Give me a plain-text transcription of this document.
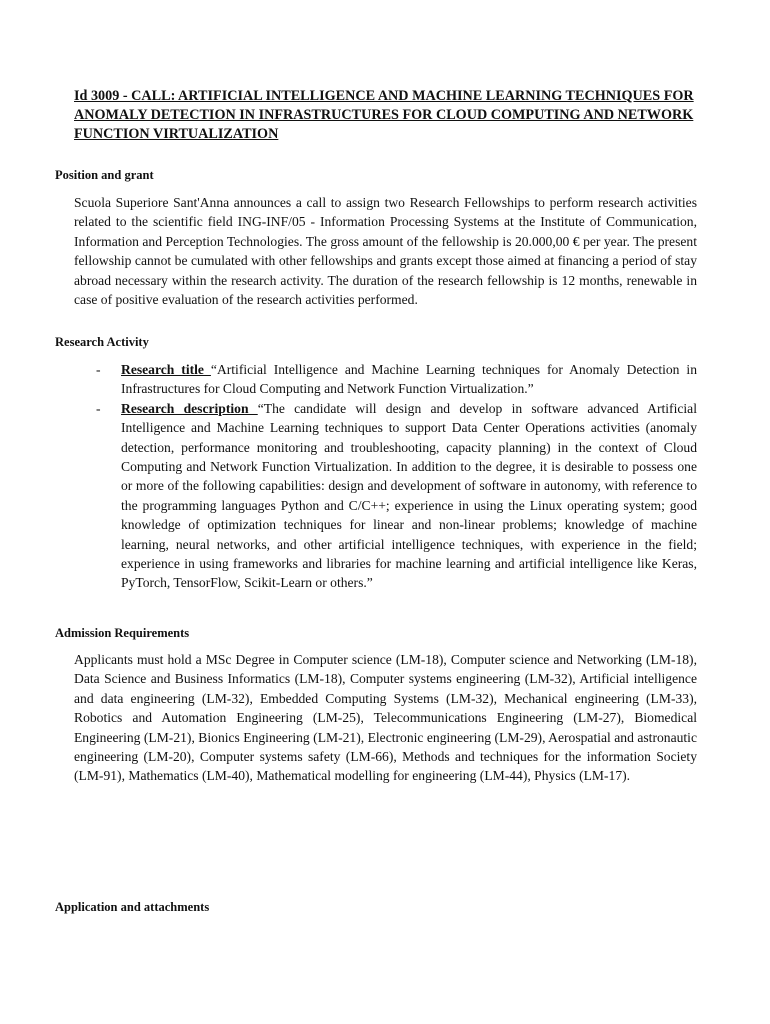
Id 3009 - CALL: ARTIFICIAL INTELLIGENCE AND MACHINE LEARNING TECHNIQUES FOR ANOMALY DETECTION IN INFRASTRUCTURES FOR CLOUD COMPUTING AND NETWORK FUNCTION VIRTUALIZATION
Position and grant

Scuola Superiore Sant'Anna announces a call to assign two Research Fellowships to perform research activities related to the scientific field ING-INF/05 - Information Processing Systems at the Institute of Communication, Information and Perception Technologies. The gross amount of the fellowship is 20.000,00 € per year. The present fellowship cannot be cumulated with other fellowships and grants except those aimed at financing a period of stay abroad necessary within the research activity. The duration of the research fellowship is 12 months, renewable in case of positive evaluation of the research activities performed.

Research Activity
- Research title “Artificial Intelligence and Machine Learning techniques for Anomaly Detection in Infrastructures for Cloud Computing and Network Function Virtualization.”
- Research description “The candidate will design and develop in software advanced Artificial Intelligence and Machine Learning techniques to support Data Center Operations activities (anomaly detection, performance monitoring and troubleshooting, capacity planning) in the context of Cloud Computing and Network Function Virtualization. In addition to the degree, it is desirable to possess one or more of the following capabilities: design and development of software in autonomy, with reference to the programming languages Python and C/C++; experience in using the Linux operating system; good knowledge of optimization techniques for linear and non-linear problems; knowledge of machine learning, neural networks, and other artificial intelligence techniques, with experience in the field; experience in using frameworks and libraries for machine learning and artificial intelligence like Keras, PyTorch, TensorFlow, Scikit-Learn or others.”
Admission Requirements

Applicants must hold a MSc Degree in Computer science (LM-18), Computer science and Networking (LM-18), Data Science and Business Informatics (LM-18), Computer systems engineering (LM-32), Artificial intelligence and data engineering (LM-32), Embedded Computing Systems (LM-32), Mechanical engineering (LM-33), Robotics and Automation Engineering (LM-25), Telecommunications Engineering (LM-27), Biomedical Engineering (LM-21), Bionics Engineering (LM-21), Electronic engineering (LM-29), Aerospatial and astronautic engineering (LM-20), Computer systems safety (LM-66), Methods and techniques for the information Society (LM-91), Mathematics (LM-40), Mathematical modelling for engineering (LM-44), Physics (LM-17).

Application and attachments
